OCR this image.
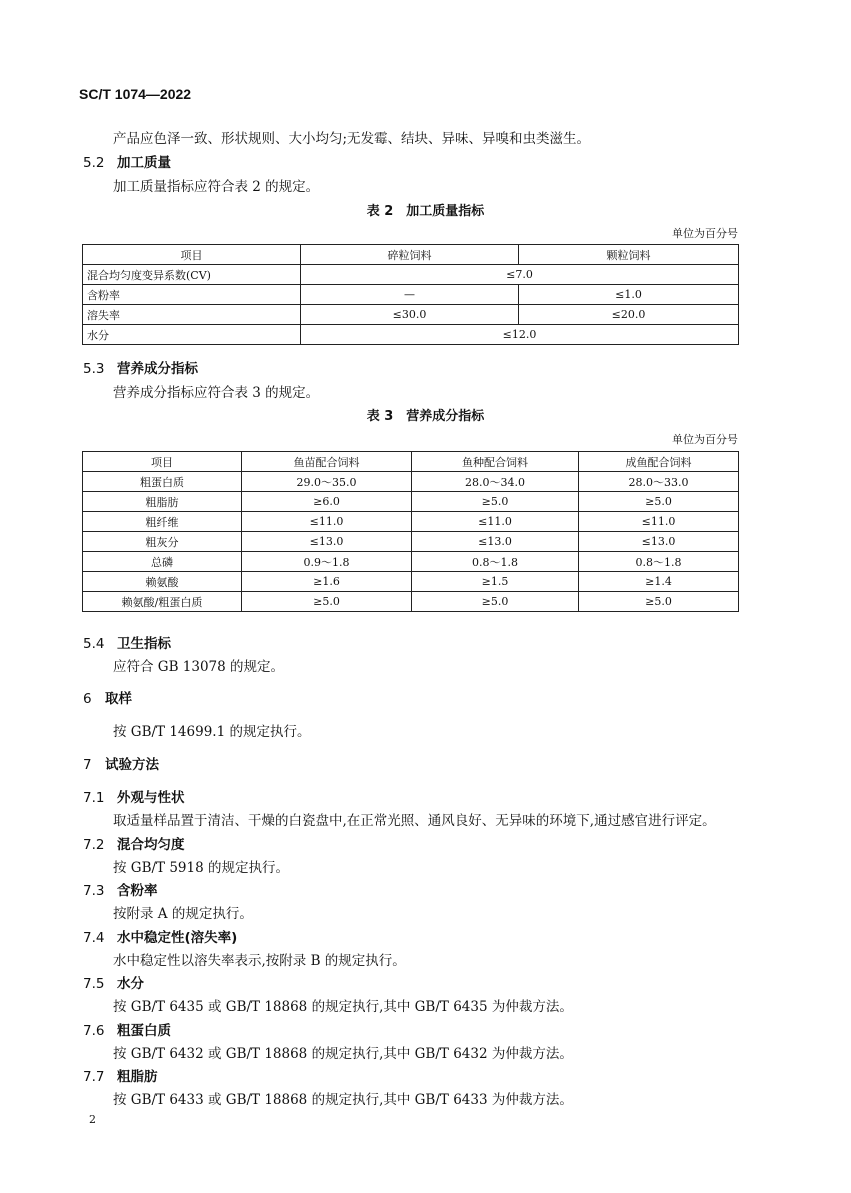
SC/T 1074—2022
产品应色泽一致、形状规则、大小均匀;无发霉、结块、异味、异嗅和虫类滋生。
5.2 加工质量
加工质量指标应符合表 2 的规定。
表 2　加工质量指标
单位为百分号
项目	碎粒饲料	颗粒饲料
混合均匀度变异系数(CV)	≤7.0	
含粉率	—	≤1.0
溶失率	≤30.0	≤20.0
水分	≤12.0	
5.3 营养成分指标
营养成分指标应符合表 3 的规定。
表 3　营养成分指标
单位为百分号
项目	鱼苗配合饲料	鱼种配合饲料	成鱼配合饲料
粗蛋白质	29.0～35.0	28.0～34.0	28.0～33.0
粗脂肪	≥6.0	≥5.0	≥5.0
粗纤维	≤11.0	≤11.0	≤11.0
粗灰分	≤13.0	≤13.0	≤13.0
总磷	0.9～1.8	0.8～1.8	0.8～1.8
赖氨酸	≥1.6	≥1.5	≥1.4
赖氨酸/粗蛋白质	≥5.0	≥5.0	≥5.0
5.4 卫生指标
应符合 GB 13078 的规定。
6 取样
按 GB/T 14699.1 的规定执行。
7 试验方法
7.1 外观与性状
取适量样品置于清洁、干燥的白瓷盘中,在正常光照、通风良好、无异味的环境下,通过感官进行评定。
7.2 混合均匀度
按 GB/T 5918 的规定执行。
7.3 含粉率
按附录 A 的规定执行。
7.4 水中稳定性(溶失率)
水中稳定性以溶失率表示,按附录 B 的规定执行。
7.5 水分
按 GB/T 6435 或 GB/T 18868 的规定执行,其中 GB/T 6435 为仲裁方法。
7.6 粗蛋白质
按 GB/T 6432 或 GB/T 18868 的规定执行,其中 GB/T 6432 为仲裁方法。
7.7 粗脂肪
按 GB/T 6433 或 GB/T 18868 的规定执行,其中 GB/T 6433 为仲裁方法。
2
